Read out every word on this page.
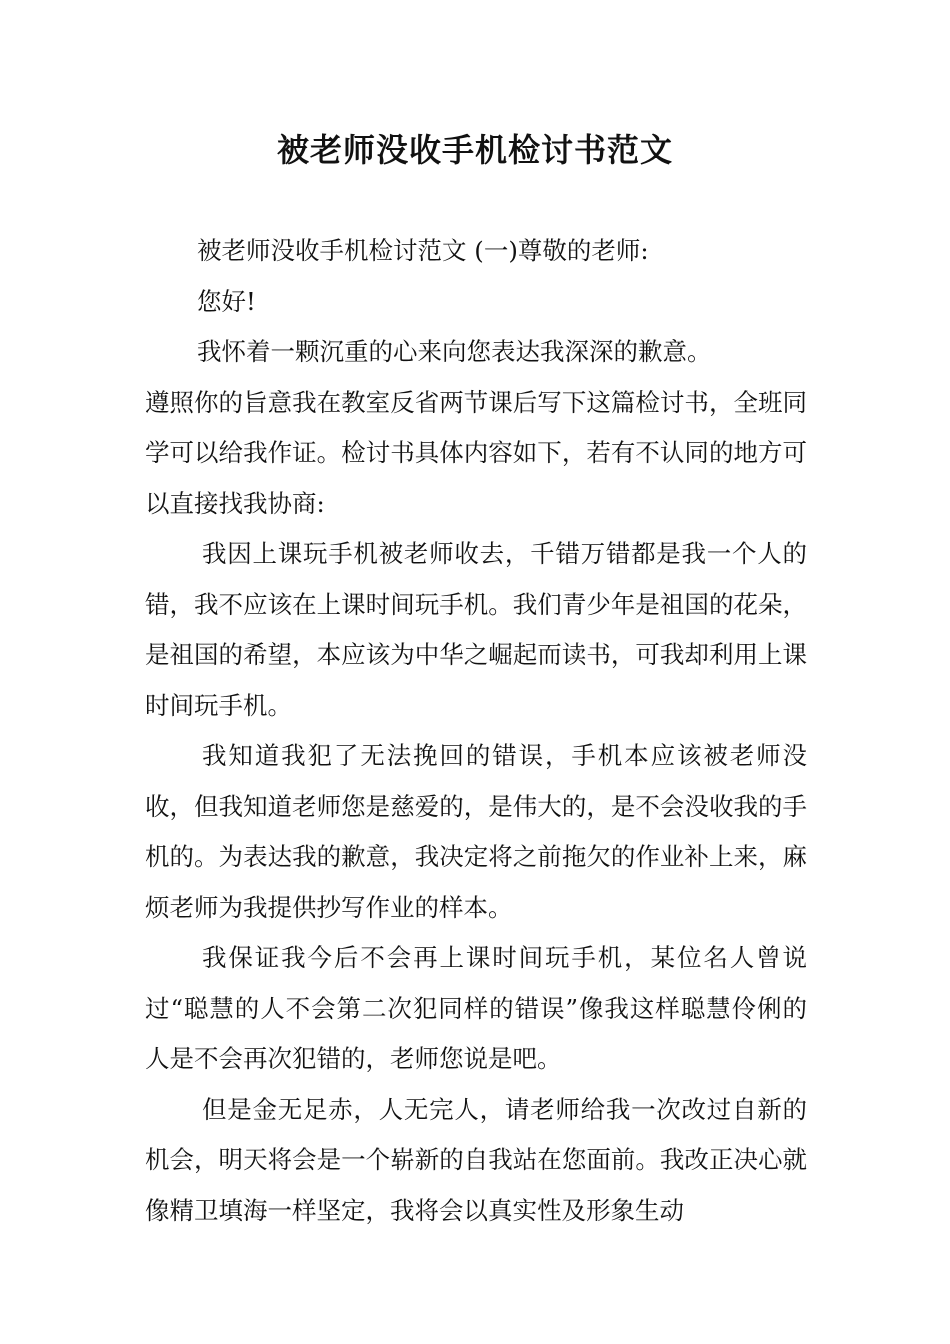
被老师没收手机检讨书范文

被老师没收手机检讨范文 (一)尊敬的老师:

您好!

我怀着一颗沉重的心来向您表达我深深的歉意。

遵照你的旨意我在教室反省两节课后写下这篇检讨书，全班同学可以给我作证。检讨书具体内容如下，若有不认同的地方可以直接找我协商:

我因上课玩手机被老师收去，千错万错都是我一个人的错，我不应该在上课时间玩手机。我们青少年是祖国的花朵，是祖国的希望，本应该为中华之崛起而读书，可我却利用上课时间玩手机。

我知道我犯了无法挽回的错误，手机本应该被老师没收，但我知道老师您是慈爱的，是伟大的，是不会没收我的手机的。为表达我的歉意，我决定将之前拖欠的作业补上来，麻烦老师为我提供抄写作业的样本。

我保证我今后不会再上课时间玩手机，某位名人曾说过“聪慧的人不会第二次犯同样的错误”像我这样聪慧伶俐的人是不会再次犯错的，老师您说是吧。

但是金无足赤，人无完人，请老师给我一次改过自新的机会，明天将会是一个崭新的自我站在您面前。我改正决心就像精卫填海一样坚定，我将会以真实性及形象生动
